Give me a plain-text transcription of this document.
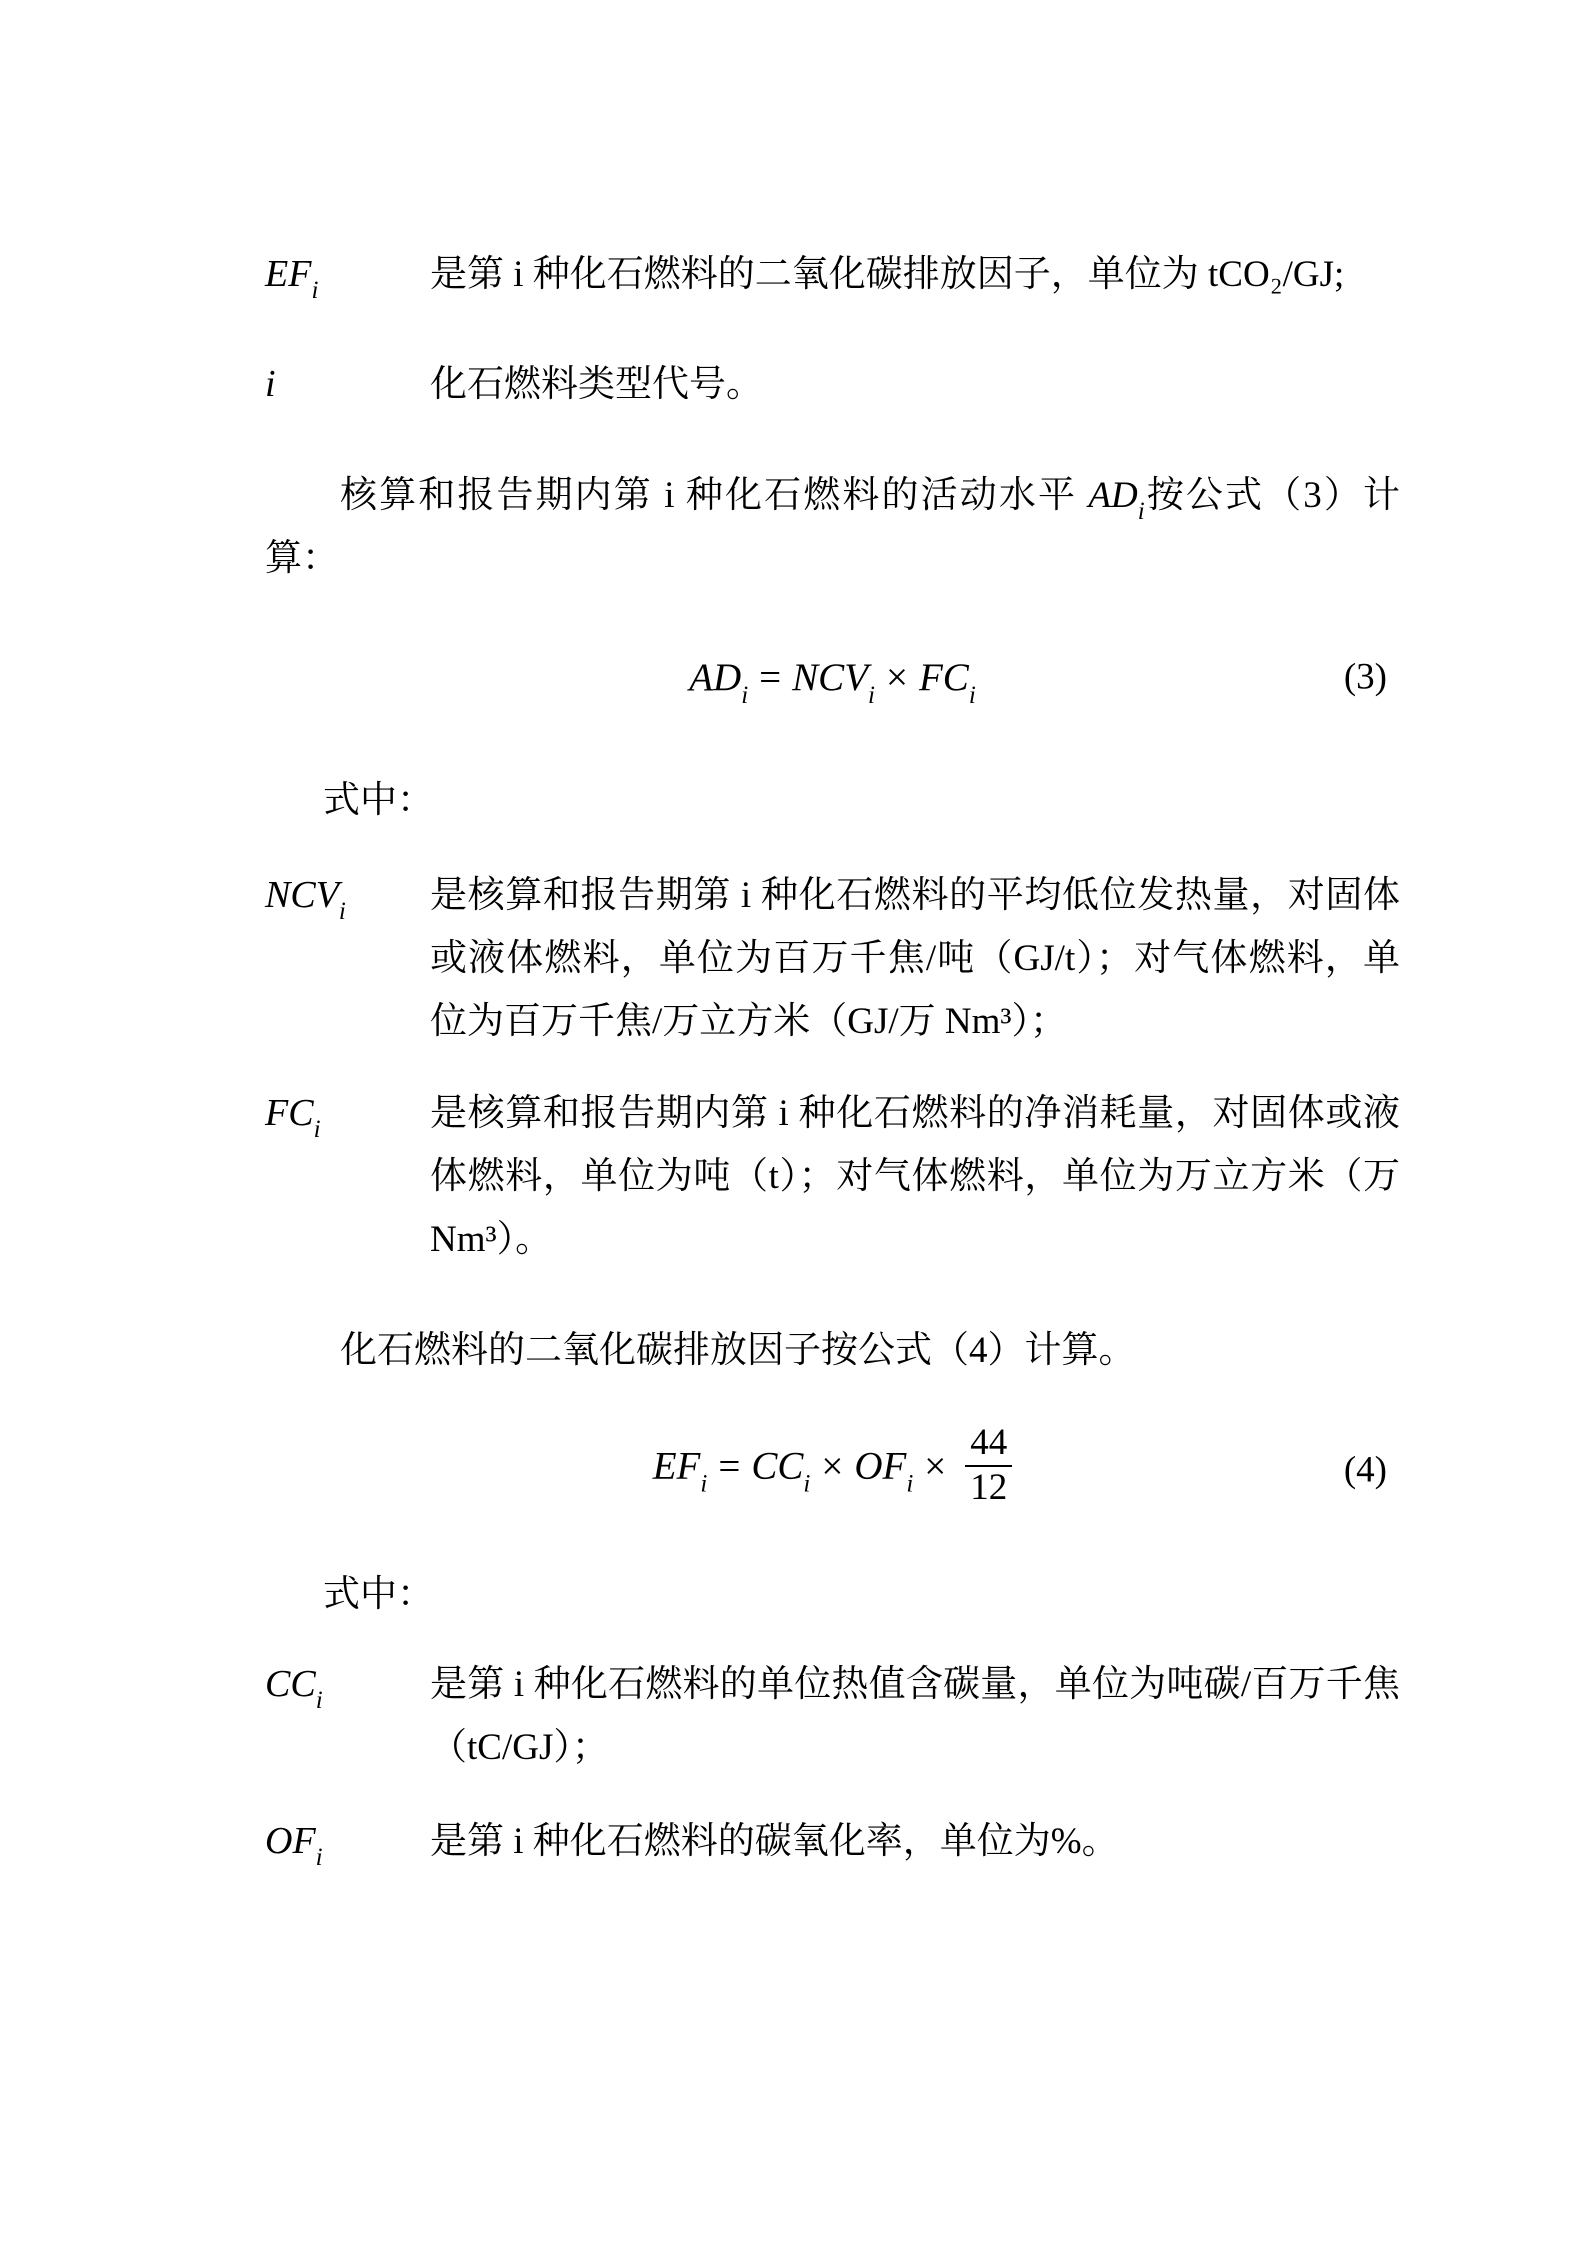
$EF_i$	是第 i 种化石燃料的二氧化碳排放因子，单位为 tCO₂/GJ;
i	化石燃料类型代号。

核算和报告期内第 i 种化石燃料的活动水平 $AD_i$按公式（3）计算：

$AD_i = NCV_i \times FC_i$	(3)
式中：
$NCV_i$	是核算和报告期第 i 种化石燃料的平均低位发热量，对固体或液体燃料，单位为百万千焦/吨（GJ/t）；对气体燃料，单位为百万千焦/万立方米（GJ/万 Nm³）；
$FC_i$	是核算和报告期内第 i 种化石燃料的净消耗量，对固体或液体燃料，单位为吨（t）；对气体燃料，单位为万立方米（万 Nm³）。

化石燃料的二氧化碳排放因子按公式（4）计算。

$EF_i = CC_i \times OF_i \times \frac{44}{12}$	(4)
式中：
$CC_i$	是第 i 种化石燃料的单位热值含碳量，单位为吨碳/百万千焦（tC/GJ）；
$OF_i$	是第 i 种化石燃料的碳氧化率，单位为%。
